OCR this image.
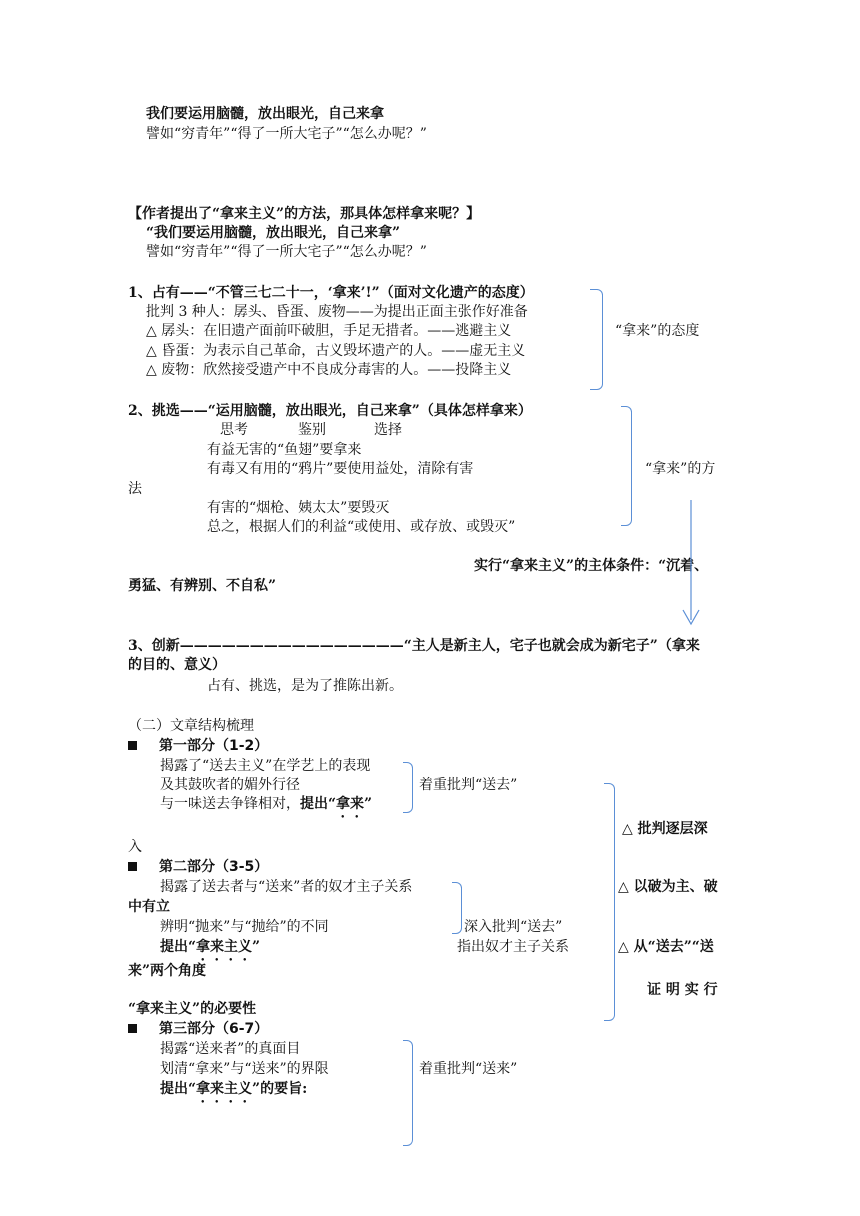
我们要运用脑髓，放出眼光，自己来拿
譬如“穷青年”“得了一所大宅子”“怎么办呢？”
【作者提出了“拿来主义”的方法，那具体怎样拿来呢？】
“我们要运用脑髓，放出眼光，自己来拿”
譬如“穷青年”“得了一所大宅子”“怎么办呢？”
1、占有——“不管三七二十一，‘拿来’!”（面对文化遗产的态度）
批判 3 种人：孱头、昏蛋、废物——为提出正面主张作好准备
△ 孱头：在旧遗产面前吓破胆，手足无措者。——逃避主义
△ 昏蛋：为表示自己革命，古义毁坏遗产的人。——虚无主义
△ 废物：欣然接受遗产中不良成分毒害的人。——投降主义
“拿来”的态度
2、挑选——“运用脑髓，放出眼光，自己来拿”（具体怎样拿来）
思考	鉴别	选择
有益无害的“鱼翅”要拿来
有毒又有用的“鸦片”要使用益处，清除有害
法
有害的“烟枪、姨太太”要毁灭
总之，根据人们的利益“或使用、或存放、或毁灭”
“拿来”的方
实行“拿来主义”的主体条件：“沉着、
勇猛、有辨别、不自私”
3、创新————————————————“主人是新主人，宅子也就会成为新宅子”（拿来
的目的、意义）
占有、挑选，是为了推陈出新。
（二）文章结构梳理
第一部分（1-2）
揭露了“送去主义”在学艺上的表现
及其鼓吹者的媚外行径
与一味送去争锋相对，提出“拿来”
着重批判“送去”
入
第二部分（3-5）
揭露了送去者与“送来”者的奴才主子关系
中有立
辨明“抛来”与“抛给”的不同
提出“拿来主义”
深入批判“送去”
指出奴才主子关系
来”两个角度
“拿来主义”的必要性
第三部分（6-7）
揭露“送来者”的真面目
划清“拿来”与“送来”的界限
提出“拿来主义”的要旨:
着重批判“送来”
△ 批判逐层深
△ 以破为主、破
△ 从“送去”“送
证 明 实 行
